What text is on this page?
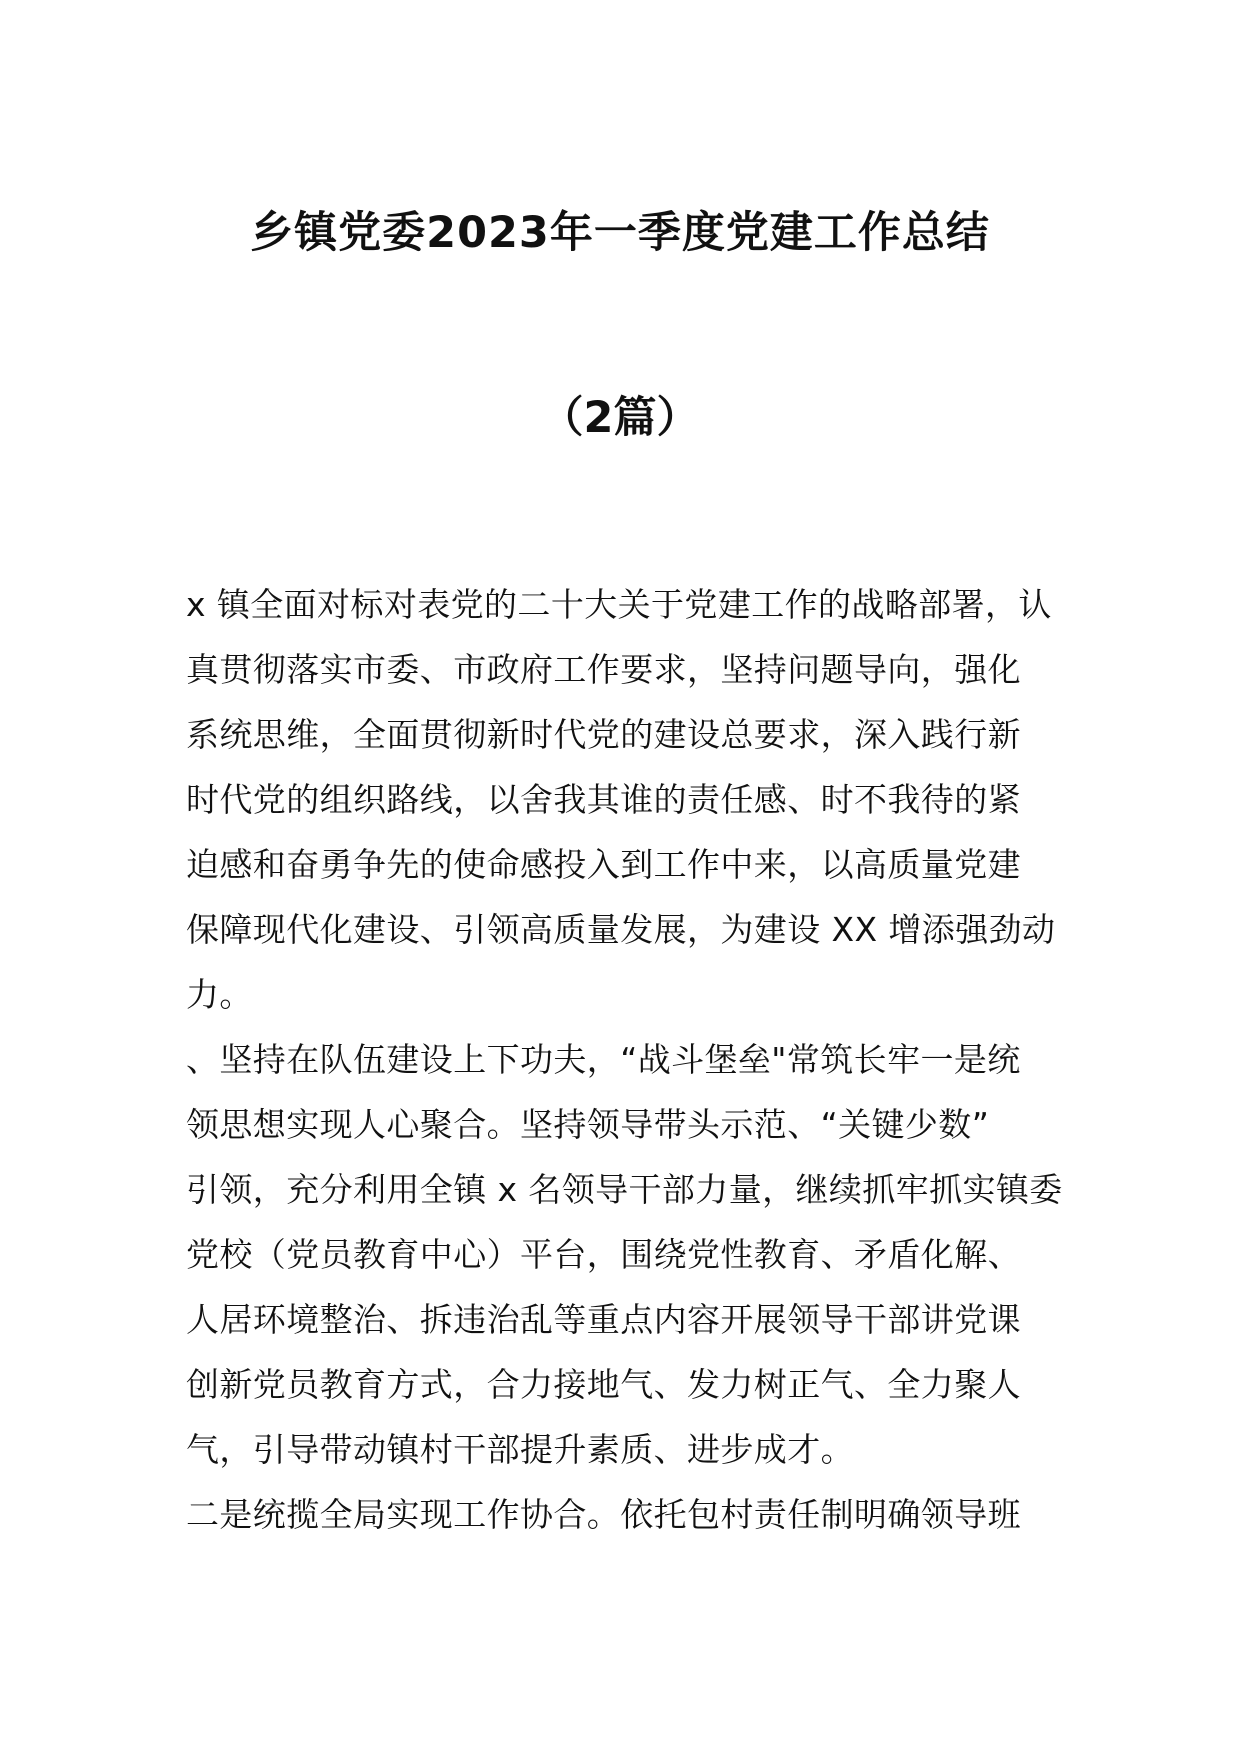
乡镇党委2023年一季度党建工作总结
（2篇）
x 镇全面对标对表党的二十大关于党建工作的战略部署，认
真贯彻落实市委、市政府工作要求，坚持问题导向，强化
系统思维，全面贯彻新时代党的建设总要求，深入践行新
时代党的组织路线，以舍我其谁的责任感、时不我待的紧
迫感和奋勇争先的使命感投入到工作中来，以高质量党建
保障现代化建设、引领高质量发展，为建设 XX 增添强劲动
力。
、坚持在队伍建设上下功夫，“战斗堡垒"常筑长牢一是统
领思想实现人心聚合。坚持领导带头示范、“关键少数”
引领，充分利用全镇 x 名领导干部力量，继续抓牢抓实镇委
党校（党员教育中心）平台，围绕党性教育、矛盾化解、
人居环境整治、拆违治乱等重点内容开展领导干部讲党课
创新党员教育方式，合力接地气、发力树正气、全力聚人
气，引导带动镇村干部提升素质、进步成才。
二是统揽全局实现工作协合。依托包村责任制明确领导班
